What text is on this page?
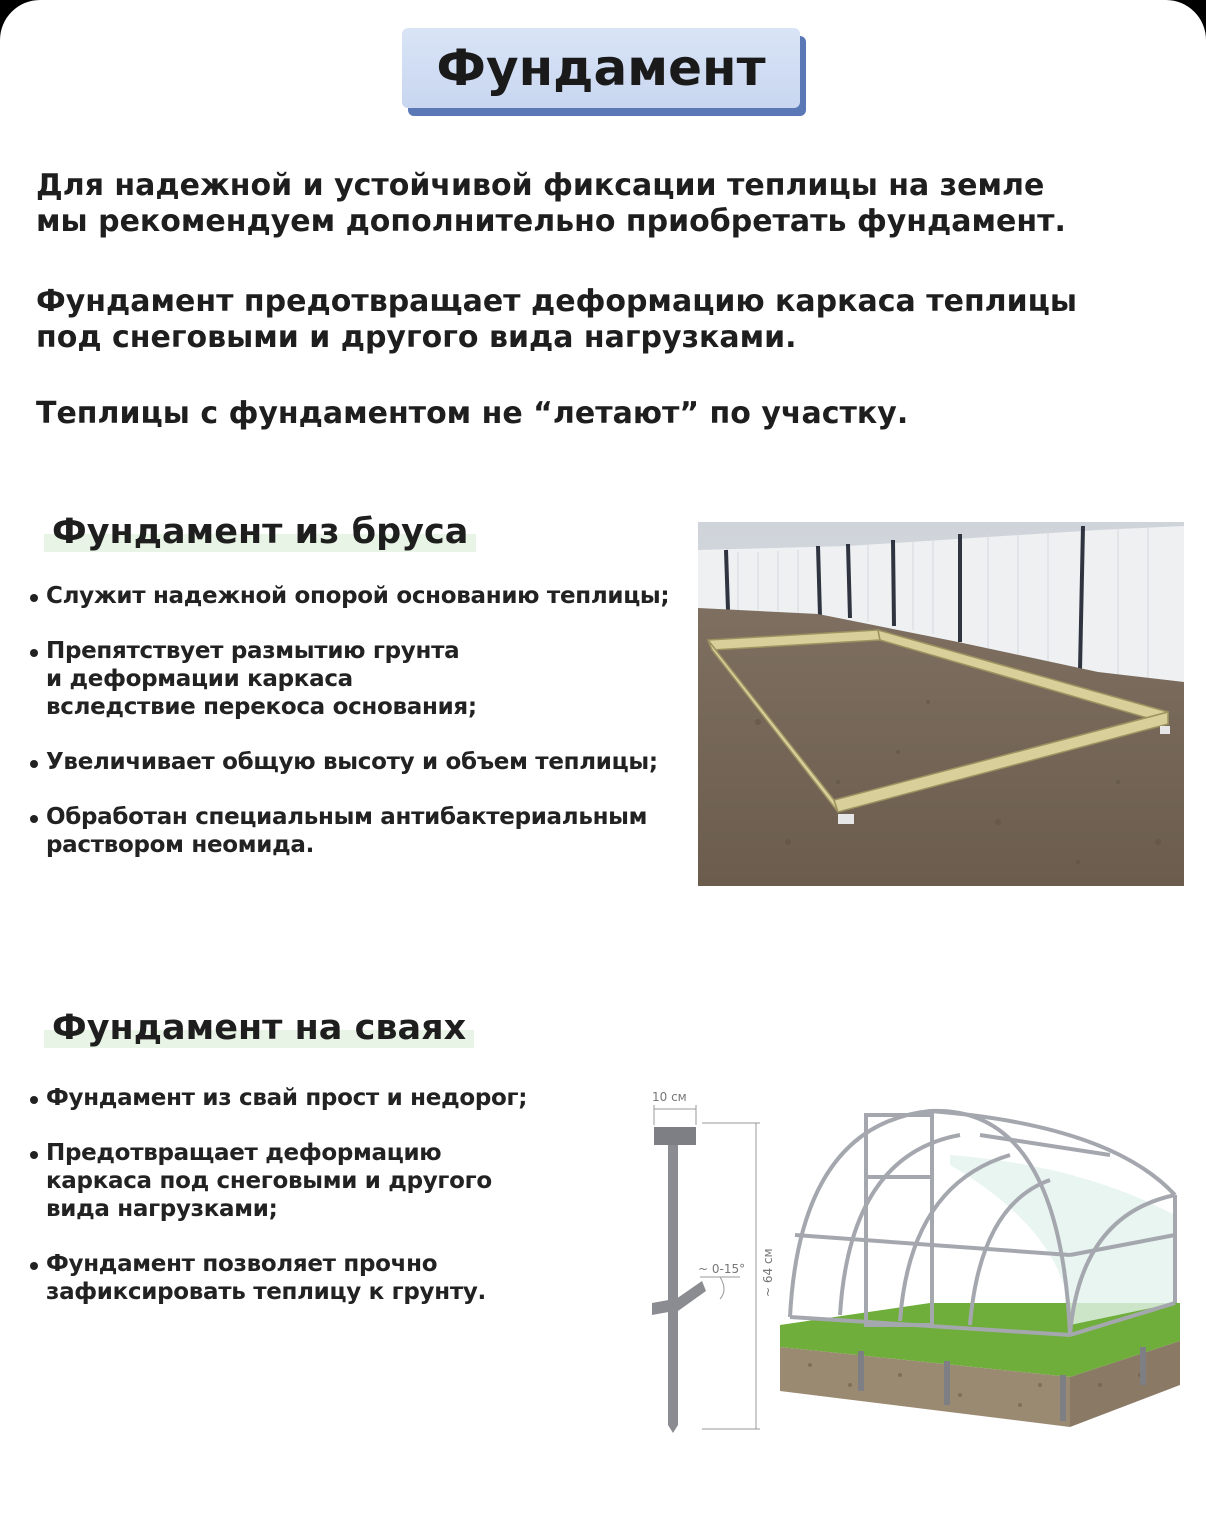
Фундамент
Для надежной и устойчивой фиксации теплицы на земле
мы рекомендуем дополнительно приобретать фундамент.
Фундамент предотвращает деформацию каркаса теплицы
под снеговыми и другого вида нагрузками.
Теплицы с фундаментом не “летают” по участку.
Фундамент из бруса
Служит надежной опорой основанию теплицы;
Препятствует размытию грунта
и деформации каркаса
вследствие перекоса основания;
Увеличивает общую высоту и объем теплицы;
Обработан специальным антибактериальным
раствором неомида.
Фундамент на сваях
Фундамент из свай прост и недорог;
Предотвращает деформацию
каркаса под снеговыми и другого
вида нагрузками;
Фундамент позволяет прочно
зафиксировать теплицу к грунту.
10 см
~ 0-15° ~ 64 см
